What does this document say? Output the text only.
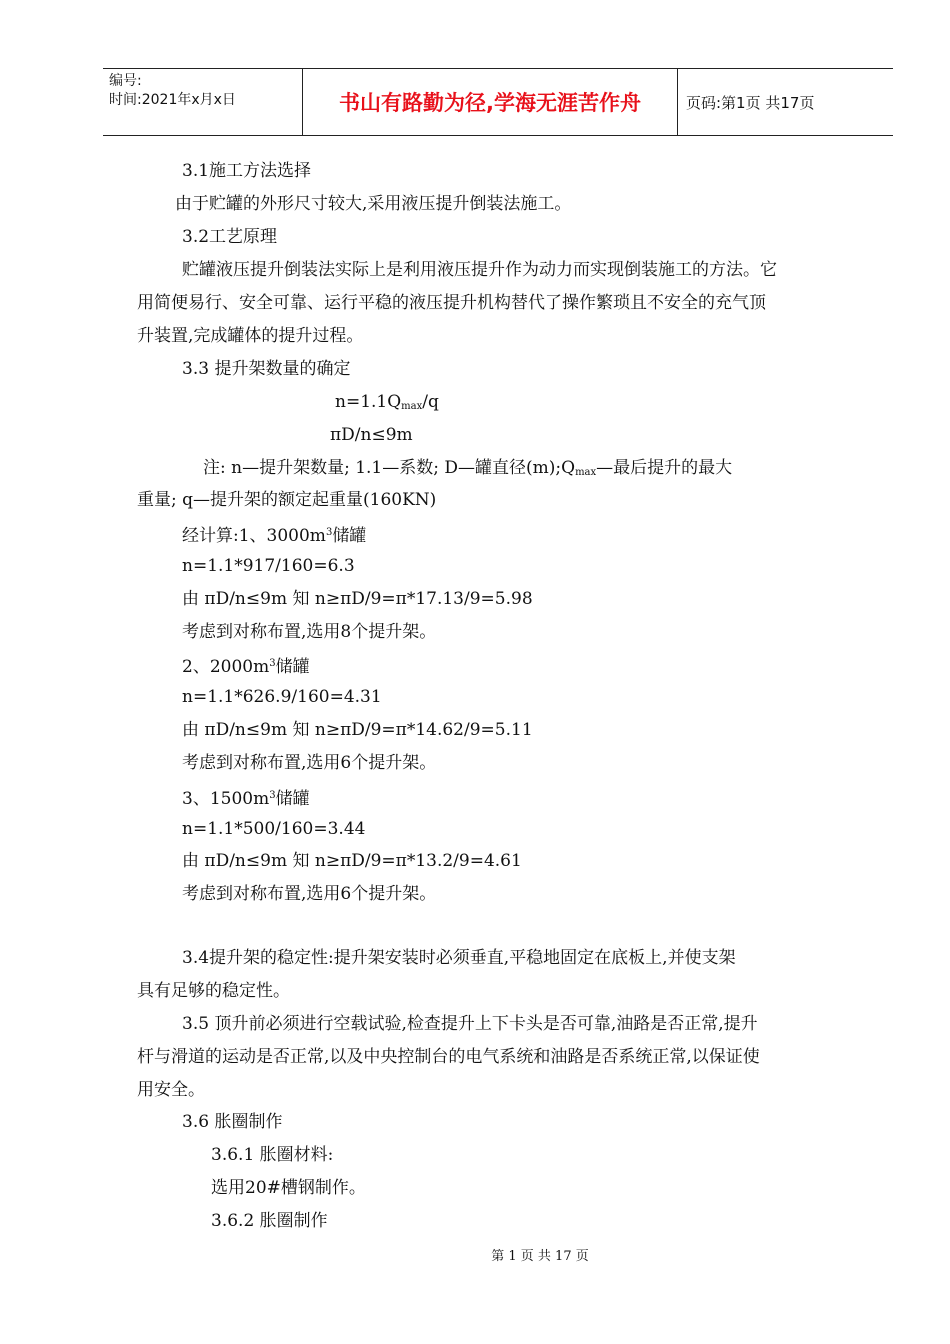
编号:
时间:2021年x月x日	书山有路勤为径,学海无涯苦作舟	页码:第1页 共17页
3.1施工方法选择
由于贮罐的外形尺寸较大,采用液压提升倒装法施工。
3.2工艺原理
贮罐液压提升倒装法实际上是利用液压提升作为动力而实现倒装施工的方法。它
用简便易行、安全可靠、运行平稳的液压提升机构替代了操作繁琐且不安全的充气顶
升装置,完成罐体的提升过程。
3.3 提升架数量的确定
$n=1.1Q_{max}/q$
πD/n≤9m
注: n—提升架数量; 1.1—系数; D—罐直径$(m);Q_{max}—$最后提升的最大
重量; q—提升架的额定起重量(160KN)
经计算:1、$3000m^3$储罐
n=1.1*917/160=6.3
由 πD/n≤9m 知 n≥πD/9=π*17.13/9=5.98
考虑到对称布置,选用8个提升架。
2、$2000m^3$储罐
n=1.1*626.9/160=4.31
由 πD/n≤9m 知 n≥πD/9=π*14.62/9=5.11
考虑到对称布置,选用6个提升架。
3、$1500m^3$储罐
n=1.1*500/160=3.44
由 πD/n≤9m 知 n≥πD/9=π*13.2/9=4.61
考虑到对称布置,选用6个提升架。
3.4提升架的稳定性:提升架安装时必须垂直,平稳地固定在底板上,并使支架
具有足够的稳定性。
3.5 顶升前必须进行空载试验,检查提升上下卡头是否可靠,油路是否正常,提升
杆与滑道的运动是否正常,以及中央控制台的电气系统和油路是否系统正常,以保证使
用安全。
3.6 胀圈制作
3.6.1 胀圈材料:
选用20#槽钢制作。
3.6.2 胀圈制作
第 1 页 共 17 页
